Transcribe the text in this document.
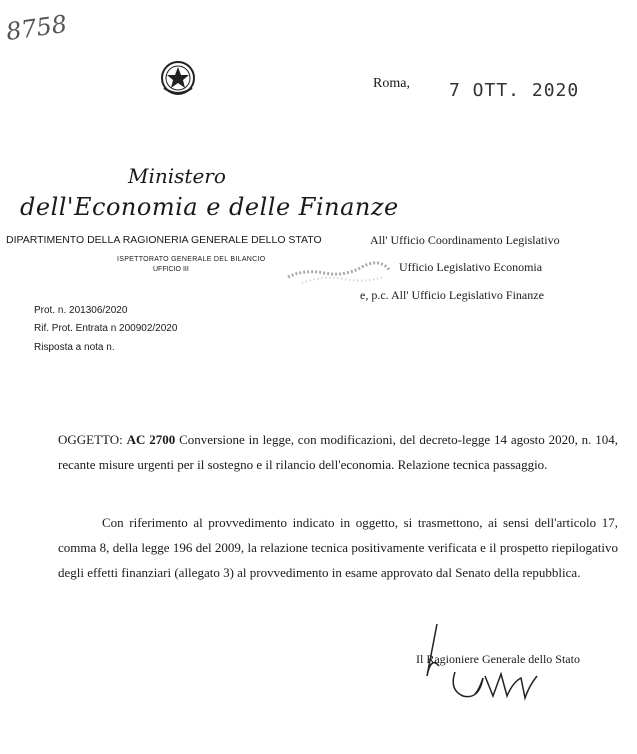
8758
Roma, 7 OTT. 2020
Ministero
dell'Economia e delle Finanze
DIPARTIMENTO DELLA RAGIONERIA GENERALE DELLO STATO
ISPETTORATO GENERALE DEL BILANCIO
UFFICIO III
All' Ufficio Coordinamento Legislativo
Ufficio Legislativo Economia
e, p.c. All' Ufficio Legislativo Finanze
Prot. n. 201306/2020
Rif. Prot. Entrata n 200902/2020
Risposta a nota n.
OGGETTO: AC 2700 Conversione in legge, con modificazioni, del decreto-legge 14 agosto 2020, n. 104, recante misure urgenti per il sostegno e il rilancio dell'economia. Relazione tecnica passaggio.
Con riferimento al provvedimento indicato in oggetto, si trasmettono, ai sensi dell'articolo 17, comma 8, della legge 196 del 2009, la relazione tecnica positivamente verificata e il prospetto riepilogativo degli effetti finanziari (allegato 3) al provvedimento in esame approvato dal Senato della repubblica.
Il Ragioniere Generale dello Stato
